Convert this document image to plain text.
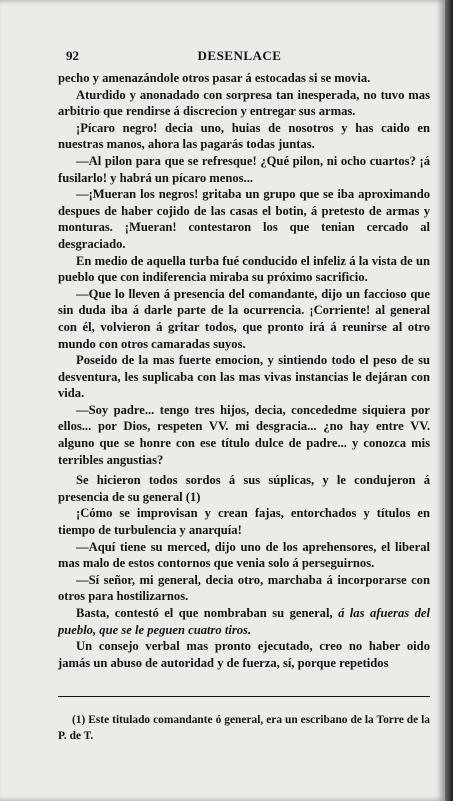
92	DESENLACE

pecho y amenazándole otros pasar á estocadas si se movia.

Aturdido y anonadado con sorpresa tan inesperada, no tuvo mas arbitrio que rendirse á discrecion y entregar sus armas.

¡Pícaro negro! decia uno, huias de nosotros y has caido en nuestras manos, ahora las pagarás todas juntas.

—Al pilon para que se refresque! ¿Qué pilon, ni ocho cuartos? ¡á fusilarlo! y habrá un pícaro menos...

—¡Mueran los negros! gritaba un grupo que se iba aproximando despues de haber cojido de las casas el botin, á pretesto de armas y monturas. ¡Mueran! contestaron los que tenian cercado al desgraciado.

En medio de aquella turba fué conducido el infeliz á la vista de un pueblo que con indiferencia miraba su próximo sacrificio.

—Que lo lleven á presencia del comandante, dijo un faccioso que sin duda iba á darle parte de la ocurrencia. ¡Corriente! al general con él, volvieron á gritar todos, que pronto irá á reunirse al otro mundo con otros camaradas suyos.

Poseido de la mas fuerte emocion, y sintiendo todo el peso de su desventura, les suplicaba con las mas vivas instancias le dejáran con vida.

—Soy padre... tengo tres hijos, decia, concededme siquiera por ellos... por Dios, respeten VV. mi desgracia... ¿no hay entre VV. alguno que se honre con ese título dulce de padre... y conozca mis terribles angustias?

Se hicieron todos sordos á sus súplicas, y le condujeron á presencia de su general (1)

¡Cómo se improvisan y crean fajas, entorchados y títulos en tiempo de turbulencia y anarquía!

—Aquí tiene su merced, dijo uno de los aprehensores, el liberal mas malo de estos contornos que venia solo á perseguirnos.

—Sí señor, mi general, decia otro, marchaba á incorporarse con otros para hostilizarnos.

Basta, contestó el que nombraban su general, á las afueras del pueblo, que se le peguen cuatro tiros.

Un consejo verbal mas pronto ejecutado, creo no haber oido jamás un abuso de autoridad y de fuerza, sí, porque repetidos

(1) Este titulado comandante ó general, era un escribano de la Torre de la P. de T.
